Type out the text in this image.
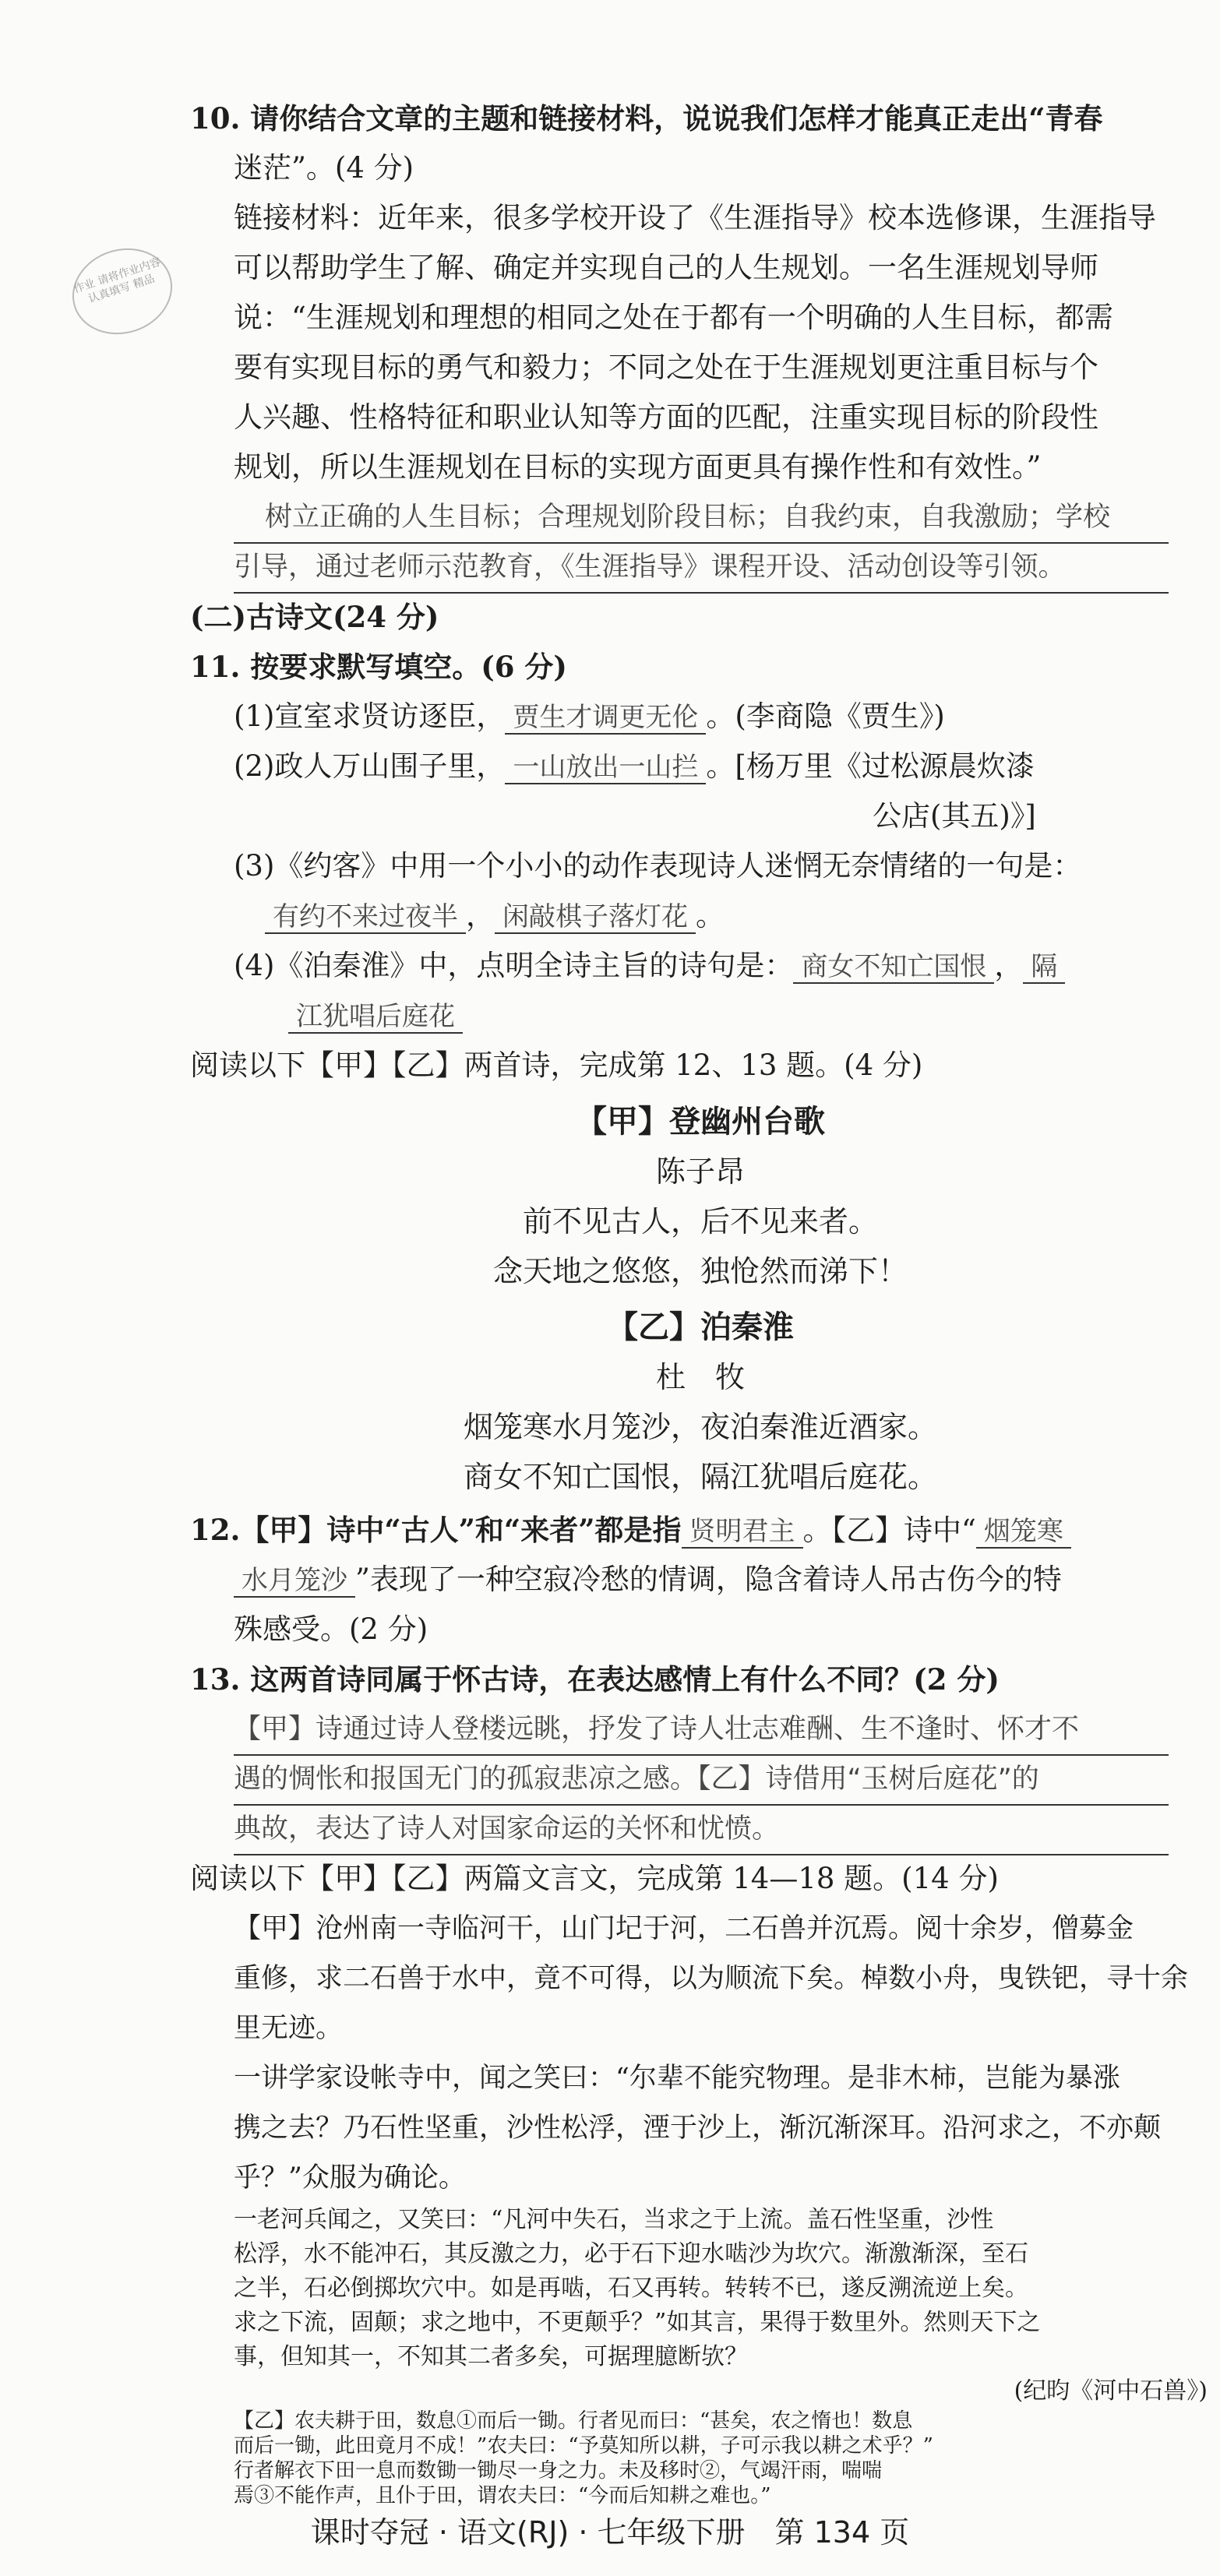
作业 请将作业内容认真填写 精品
10. 请你结合文章的主题和链接材料，说说我们怎样才能真正走出“青春
迷茫”。(4 分)
链接材料：近年来，很多学校开设了《生涯指导》校本选修课，生涯指导
可以帮助学生了解、确定并实现自己的人生规划。一名生涯规划导师
说：“生涯规划和理想的相同之处在于都有一个明确的人生目标，都需
要有实现目标的勇气和毅力；不同之处在于生涯规划更注重目标与个
人兴趣、性格特征和职业认知等方面的匹配，注重实现目标的阶段性
规划，所以生涯规划在目标的实现方面更具有操作性和有效性。”
树立正确的人生目标；合理规划阶段目标；自我约束，自我激励；学校
引导，通过老师示范教育，《生涯指导》课程开设、活动创设等引领。
(二)古诗文(24 分)
11. 按要求默写填空。(6 分)
(1)宣室求贤访逐臣， 贾生才调更无伦 。(李商隐《贾生》)
(2)政人万山围子里， 一山放出一山拦 。[杨万里《过松源晨炊漆
公店(其五)》]
(3)《约客》中用一个小小的动作表现诗人迷惘无奈情绪的一句是：
有约不来过夜半 ， 闲敲棋子落灯花 。
(4)《泊秦淮》中，点明全诗主旨的诗句是： 商女不知亡国恨 ， 隔
江犹唱后庭花
阅读以下【甲】【乙】两首诗，完成第 12、13 题。(4 分)
【甲】登幽州台歌
陈子昂
前不见古人，后不见来者。
念天地之悠悠，独怆然而涕下！
【乙】泊秦淮
杜　牧
烟笼寒水月笼沙，夜泊秦淮近酒家。
商女不知亡国恨，隔江犹唱后庭花。
12.【甲】诗中“古人”和“来者”都是指 贤明君主 。【乙】诗中“ 烟笼寒
水月笼沙 ”表现了一种空寂冷愁的情调，隐含着诗人吊古伤今的特
殊感受。(2 分)
13. 这两首诗同属于怀古诗，在表达感情上有什么不同？(2 分)
【甲】诗通过诗人登楼远眺，抒发了诗人壮志难酬、生不逢时、怀才不
遇的惆怅和报国无门的孤寂悲凉之感。【乙】诗借用“玉树后庭花”的
典故，表达了诗人对国家命运的关怀和忧愤。
阅读以下【甲】【乙】两篇文言文，完成第 14—18 题。(14 分)
【甲】沧州南一寺临河干，山门圮于河，二石兽并沉焉。阅十余岁，僧募金
重修，求二石兽于水中，竟不可得，以为顺流下矣。棹数小舟，曳铁钯，寻十余
里无迹。
一讲学家设帐寺中，闻之笑曰：“尔辈不能究物理。是非木柿，岂能为暴涨
携之去？乃石性坚重，沙性松浮，湮于沙上，渐沉渐深耳。沿河求之，不亦颠
乎？”众服为确论。
课时夺冠 · 语文(RJ) · 七年级下册　第 134 页
一老河兵闻之，又笑曰：“凡河中失石，当求之于上流。盖石性坚重，沙性
松浮，水不能冲石，其反激之力，必于石下迎水啮沙为坎穴。渐激渐深，至石
之半，石必倒掷坎穴中。如是再啮，石又再转。转转不已，遂反溯流逆上矣。
求之下流，固颠；求之地中，不更颠乎？”如其言，果得于数里外。然则天下之
事，但知其一，不知其二者多矣，可据理臆断欤？
(纪昀《河中石兽》)
【乙】农夫耕于田，数息①而后一锄。行者见而曰：“甚矣，农之惰也！数息
而后一锄，此田竟月不成！”农夫曰：“予莫知所以耕，子可示我以耕之术乎？”
行者解衣下田一息而数锄一锄尽一身之力。未及移时②，气竭汗雨，喘喘
焉③不能作声，且仆于田，谓农夫曰：“今而后知耕之难也。”
